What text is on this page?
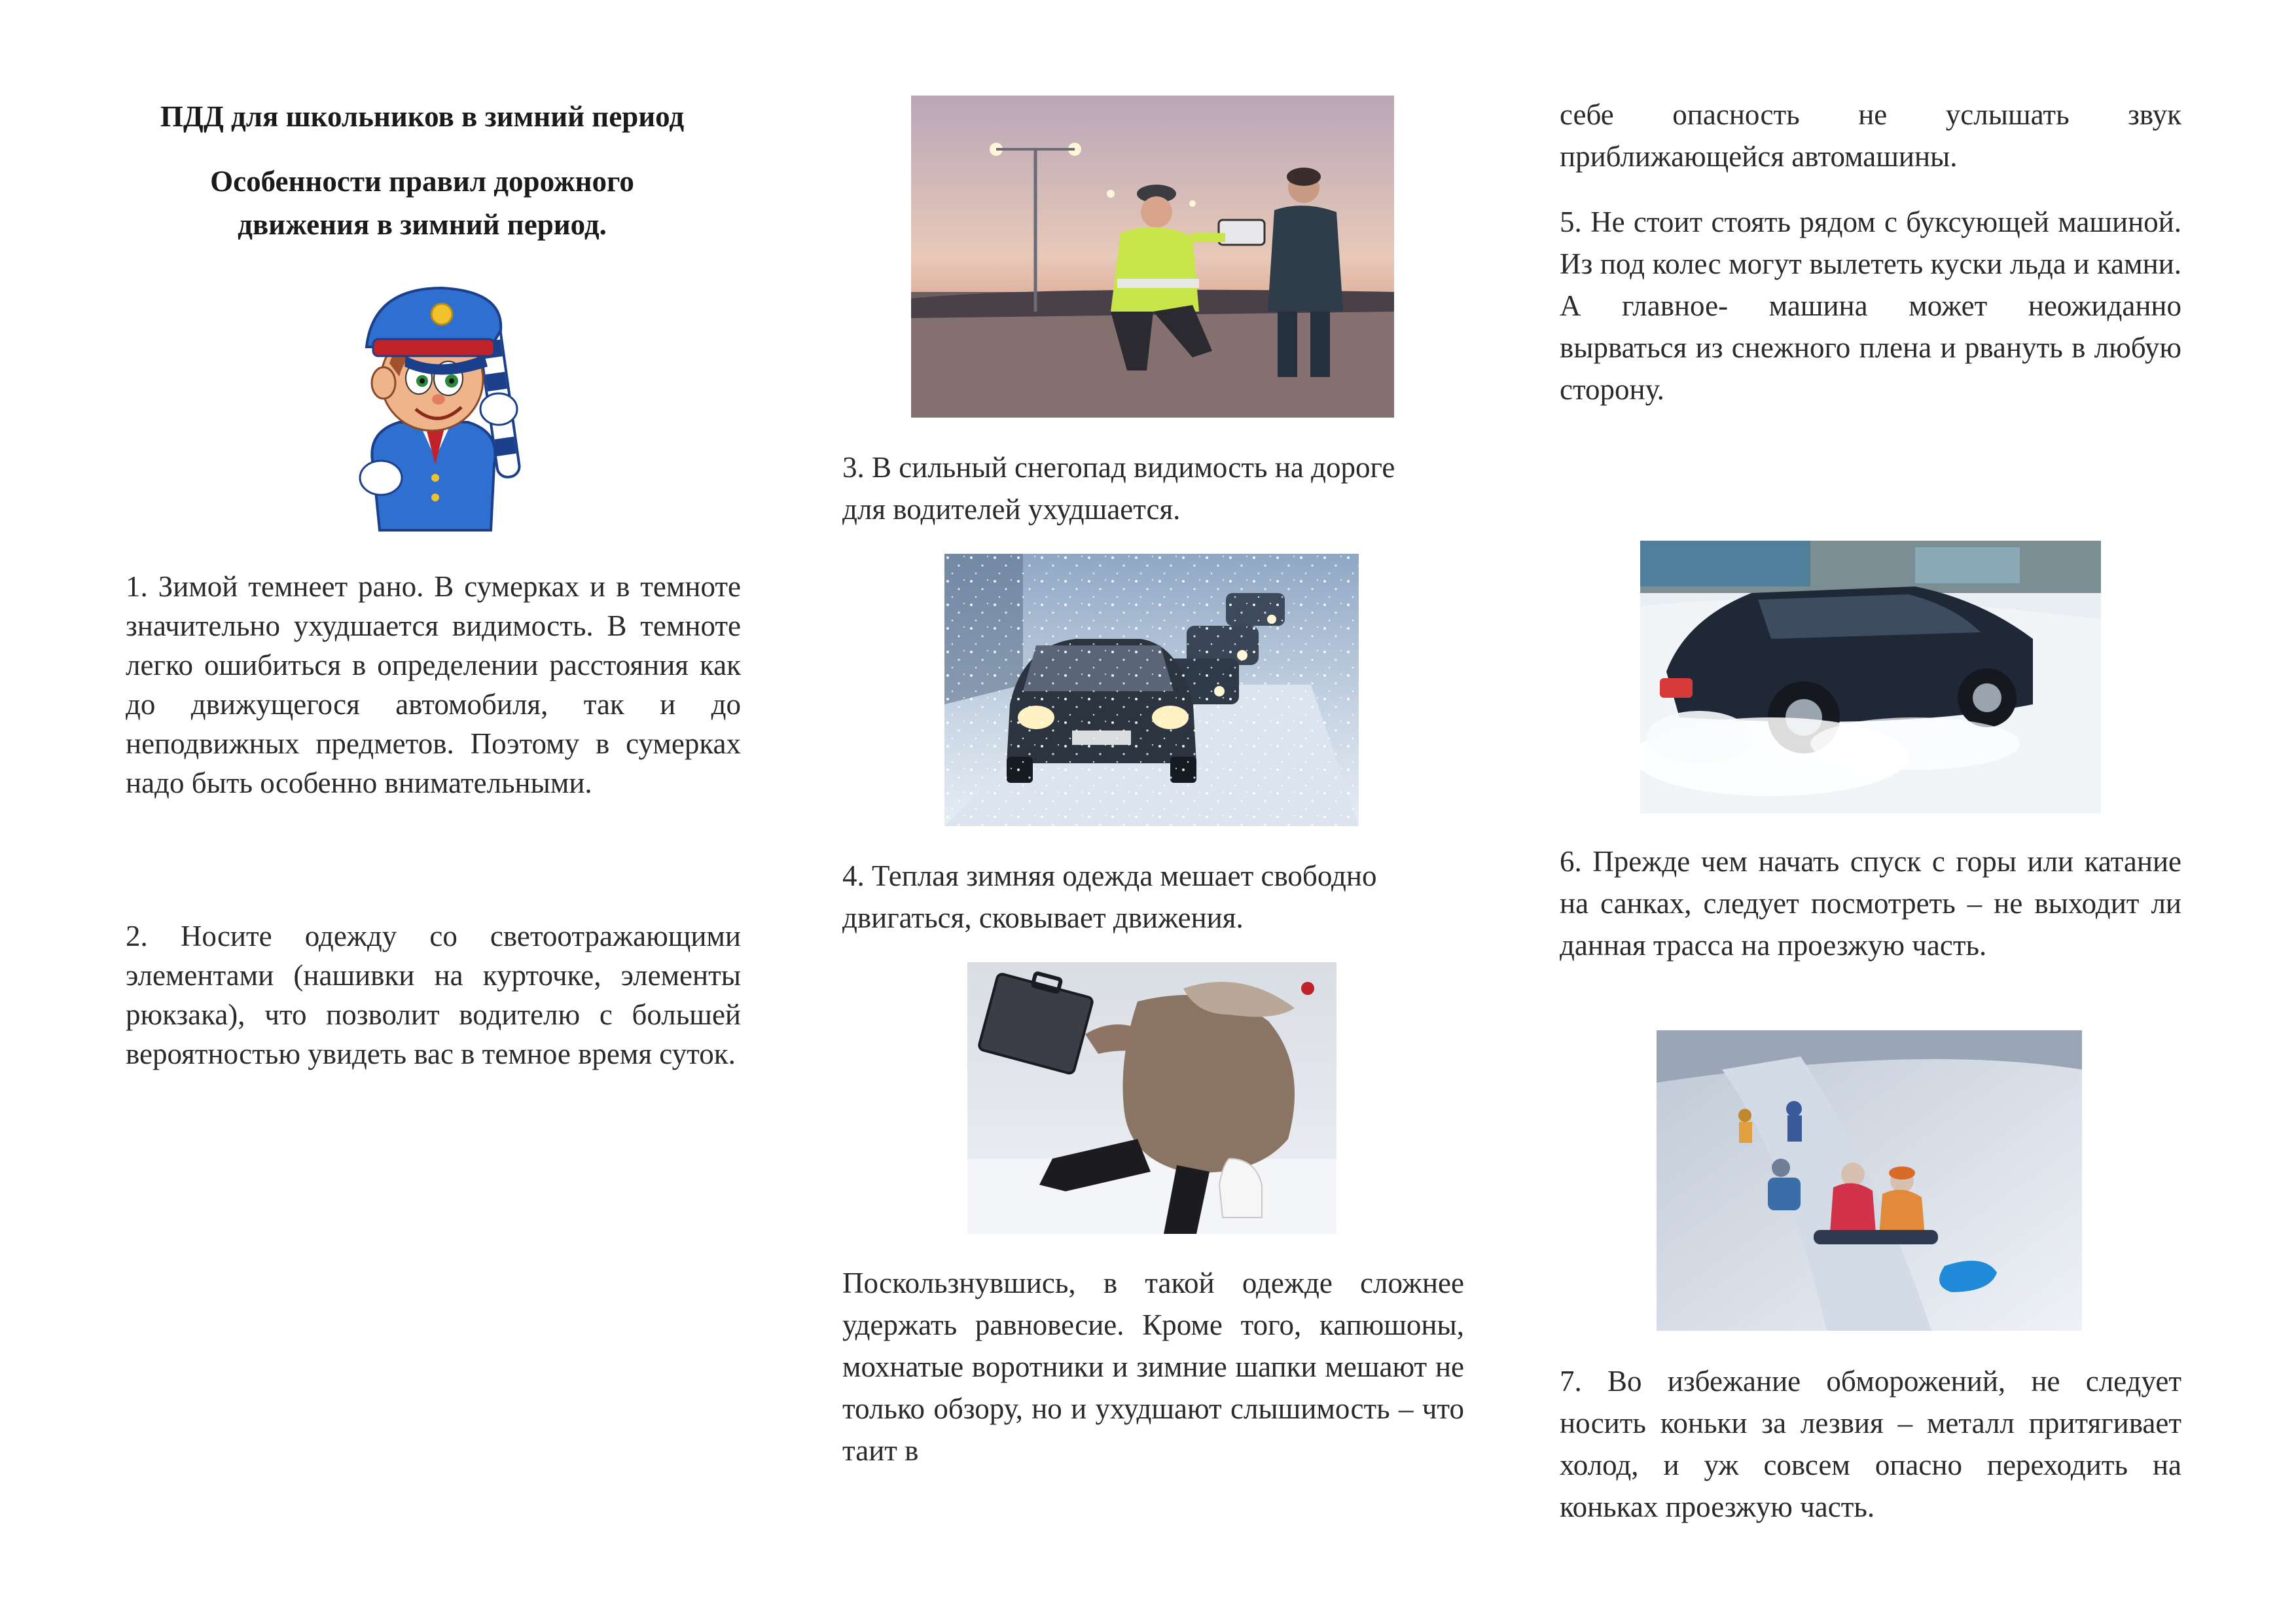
ПДД для школьников в зимний период
Особенности правил дорожного
движения в зимний период.
1. Зимой темнеет рано. В сумерках и в темноте значительно ухудшается видимость. В темноте легко ошибиться в определении расстояния как до движущегося автомобиля, так и до неподвижных предметов. Поэтому в сумерках надо быть особенно внимательными.
2. Носите одежду со светоотражающими элементами (нашивки на курточке, элементы рюкзака), что позволит водителю с большей вероятностью увидеть вас в темное время суток.
3. В сильный снегопад видимость на дороге для водителей ухудшается.
4. Теплая зимняя одежда мешает свободно двигаться, сковывает движения.
Поскользнувшись, в такой одежде сложнее удержать равновесие. Кроме того, капюшоны, мохнатые воротники и зимние шапки мешают не только обзору, но и ухудшают слышимость – что таит в
себе опасность не услышать звук приближающейся автомашины.
5. Не стоит стоять рядом с буксующей машиной. Из под колес могут вылететь куски льда и камни. А главное- машина может неожиданно вырваться из снежного плена и рвануть в любую сторону.
6. Прежде чем начать спуск с горы или катание на санках, следует посмотреть – не выходит ли данная трасса на проезжую часть.
7. Во избежание обморожений, не следует носить коньки за лезвия – металл притягивает холод, и уж совсем опасно переходить на коньках проезжую часть.
